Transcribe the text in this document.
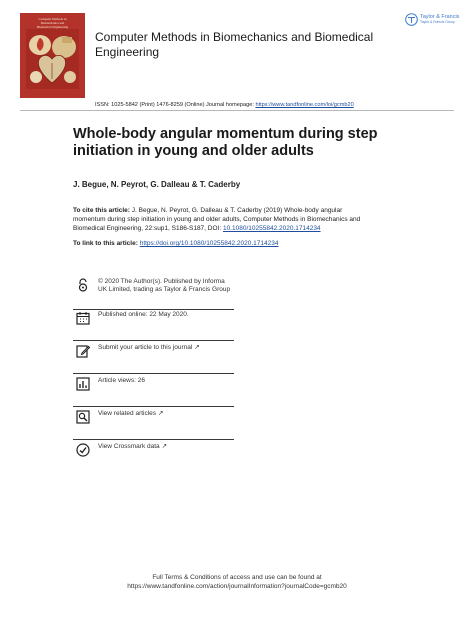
Computer Methods in
Biomechanics and
Biomedical Engineering
Computer Methods in Biomechanics and Biomedical Engineering
Taylor & Francis
Taylor & Francis Group
ISSN: 1025-5842 (Print) 1476-8259 (Online) Journal homepage: https://www.tandfonline.com/loi/gcmb20
Whole-body angular momentum during step initiation in young and older adults
J. Begue, N. Peyrot, G. Dalleau & T. Caderby
To cite this article: J. Begue, N. Peyrot, G. Dalleau & T. Caderby (2019) Whole-body angular momentum during step initiation in young and older adults, Computer Methods in Biomechanics and Biomedical Engineering, 22:sup1, S186-S187, DOI: 10.1080/10255842.2020.1714234
To link to this article: https://doi.org/10.1080/10255842.2020.1714234
© 2020 The Author(s). Published by Informa UK Limited, trading as Taylor & Francis Group
Published online: 22 May 2020.
Submit your article to this journal ↗
Article views: 26
View related articles ↗
View Crossmark data ↗
Full Terms & Conditions of access and use can be found at
https://www.tandfonline.com/action/journalInformation?journalCode=gcmb20
